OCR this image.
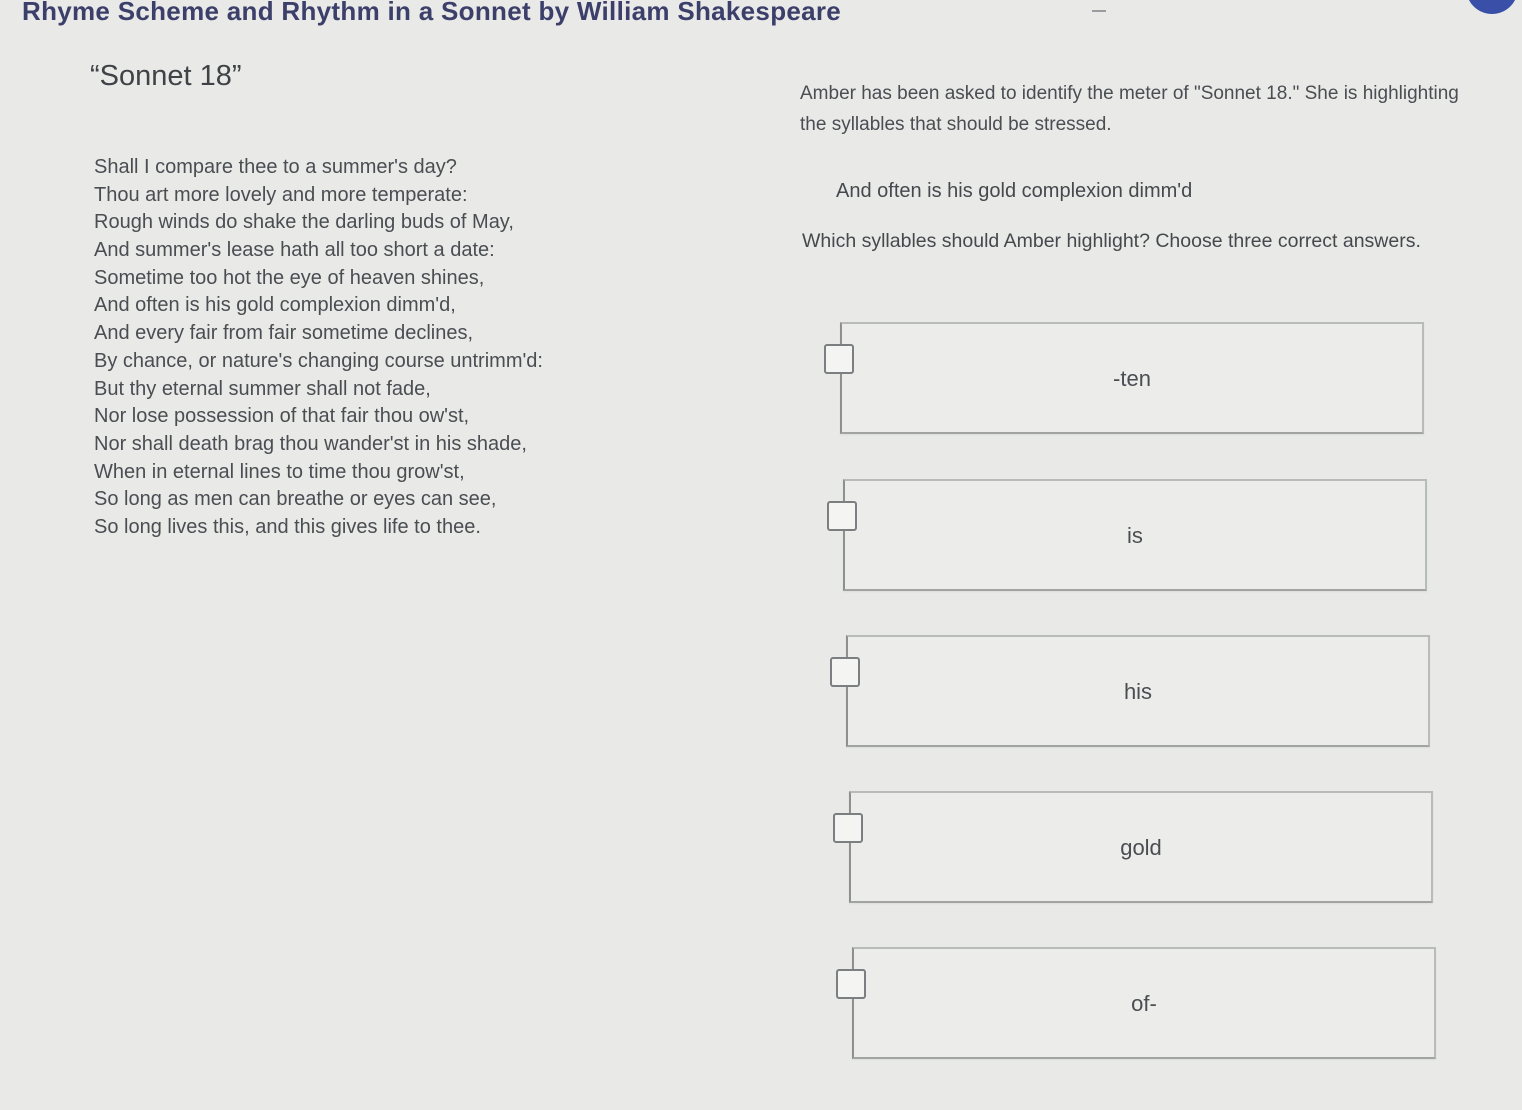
Rhyme Scheme and Rhythm in a Sonnet by William Shakespeare
“Sonnet 18”
Shall I compare thee to a summer's day?
Thou art more lovely and more temperate:
Rough winds do shake the darling buds of May,
And summer's lease hath all too short a date:
Sometime too hot the eye of heaven shines,
And often is his gold complexion dimm'd,
And every fair from fair sometime declines,
By chance, or nature's changing course untrimm'd:
But thy eternal summer shall not fade,
Nor lose possession of that fair thou ow'st,
Nor shall death brag thou wander'st in his shade,
When in eternal lines to time thou grow'st,
So long as men can breathe or eyes can see,
So long lives this, and this gives life to thee.
Amber has been asked to identify the meter of "Sonnet 18." She is highlighting the syllables that should be stressed.
And often is his gold complexion dimm'd
Which syllables should Amber highlight? Choose three correct answers.
-ten
is
his
gold
of-
